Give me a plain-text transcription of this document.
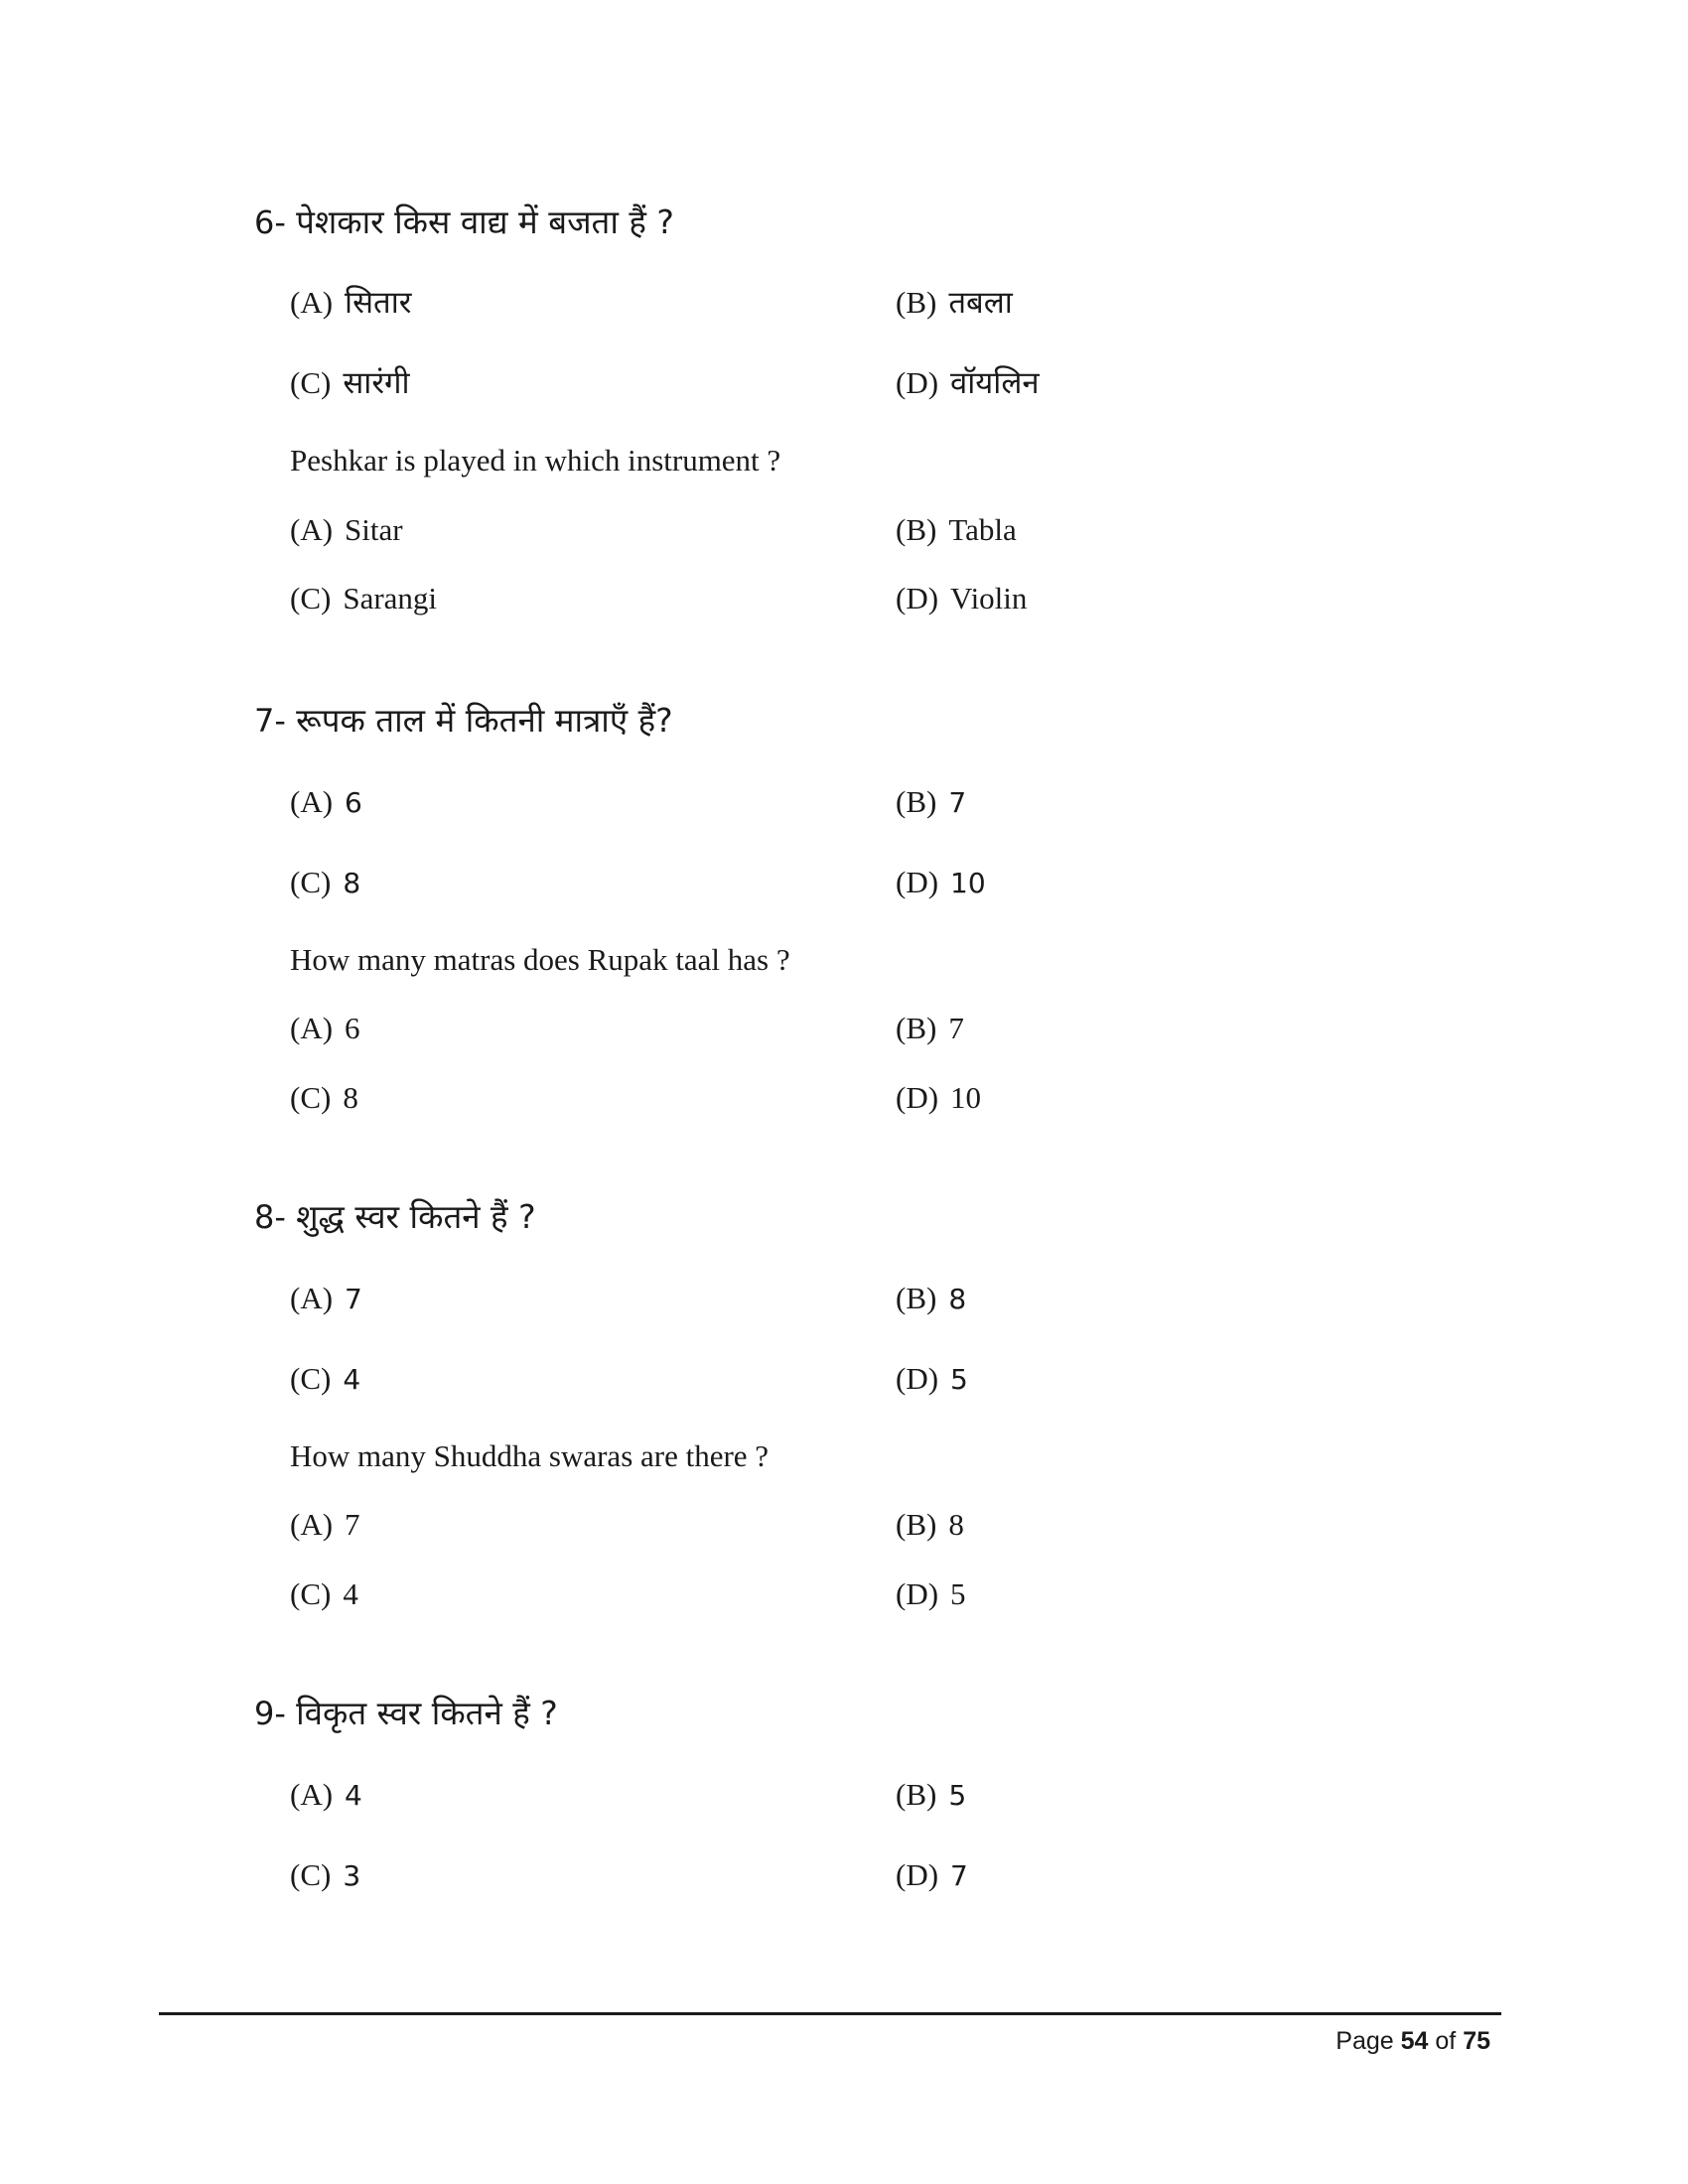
6- पेशकार किस वाद्य में बजता हैं ?
(A) सितार	(B) तबला
(C) सारंगी	(D) वॉयलिन
Peshkar is played in which instrument ?
(A) Sitar	(B) Tabla
(C) Sarangi	(D) Violin
7- रूपक ताल में कितनी मात्राएँ हैं?
(A) 6	(B) 7
(C) 8	(D) 10
How many matras does Rupak taal has ?
(A) 6	(B) 7
(C) 8	(D) 10
8- शुद्ध स्वर कितने हैं ?
(A) 7	(B) 8
(C) 4	(D) 5
How many Shuddha swaras are there ?
(A) 7	(B) 8
(C) 4	(D) 5
9- विकृत स्वर कितने हैं ?
(A) 4	(B) 5
(C) 3	(D) 7
Page 54 of 75
